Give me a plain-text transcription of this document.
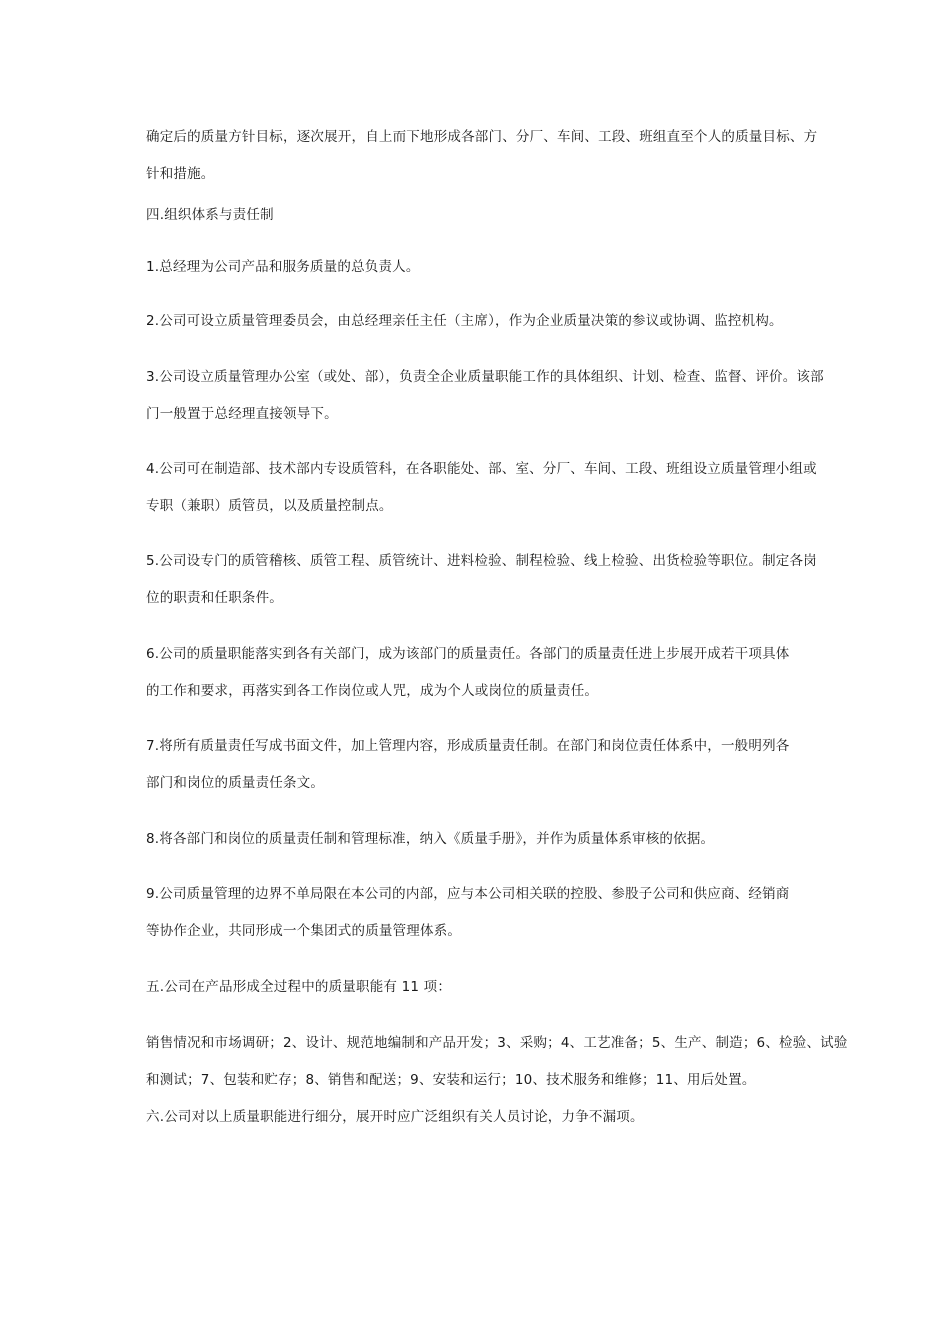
确定后的质量方针目标，逐次展开，自上而下地形成各部门、分厂、车间、工段、班组直至个人的质量目标、方
针和措施。
四.组织体系与责任制
1.总经理为公司产品和服务质量的总负责人。
2.公司可设立质量管理委员会，由总经理亲任主任（主席），作为企业质量决策的参议或协调、监控机构。
3.公司设立质量管理办公室（或处、部），负责全企业质量职能工作的具体组织、计划、检查、监督、评价。该部
门一般置于总经理直接领导下。
4.公司可在制造部、技术部内专设质管科，在各职能处、部、室、分厂、车间、工段、班组设立质量管理小组或
专职（兼职）质管员，以及质量控制点。
5.公司设专门的质管稽核、质管工程、质管统计、进料检验、制程检验、线上检验、出货检验等职位。制定各岗
位的职责和任职条件。
6.公司的质量职能落实到各有关部门，成为该部门的质量责任。各部门的质量责任进上步展开成若干项具体
的工作和要求，再落实到各工作岗位或人咒，成为个人或岗位的质量责任。
7.将所有质量责任写成书面文件，加上管理内容，形成质量责任制。在部门和岗位责任体系中，一般明列各
部门和岗位的质量责任条文。
8.将各部门和岗位的质量责任制和管理标准，纳入《质量手册》，并作为质量体系审核的依据。
9.公司质量管理的边界不单局限在本公司的内部，应与本公司相关联的控股、参股子公司和供应商、经销商
等协作企业，共同形成一个集团式的质量管理体系。
五.公司在产品形成全过程中的质量职能有 11 项：
销售情况和市场调研；2、设计、规范地编制和产品开发；3、采购；4、工艺准备；5、生产、制造；6、检验、试验
和测试；7、包装和贮存；8、销售和配送；9、安装和运行；10、技术服务和维修；11、用后处置。
六.公司对以上质量职能进行细分，展开时应广泛组织有关人员讨论，力争不漏项。
